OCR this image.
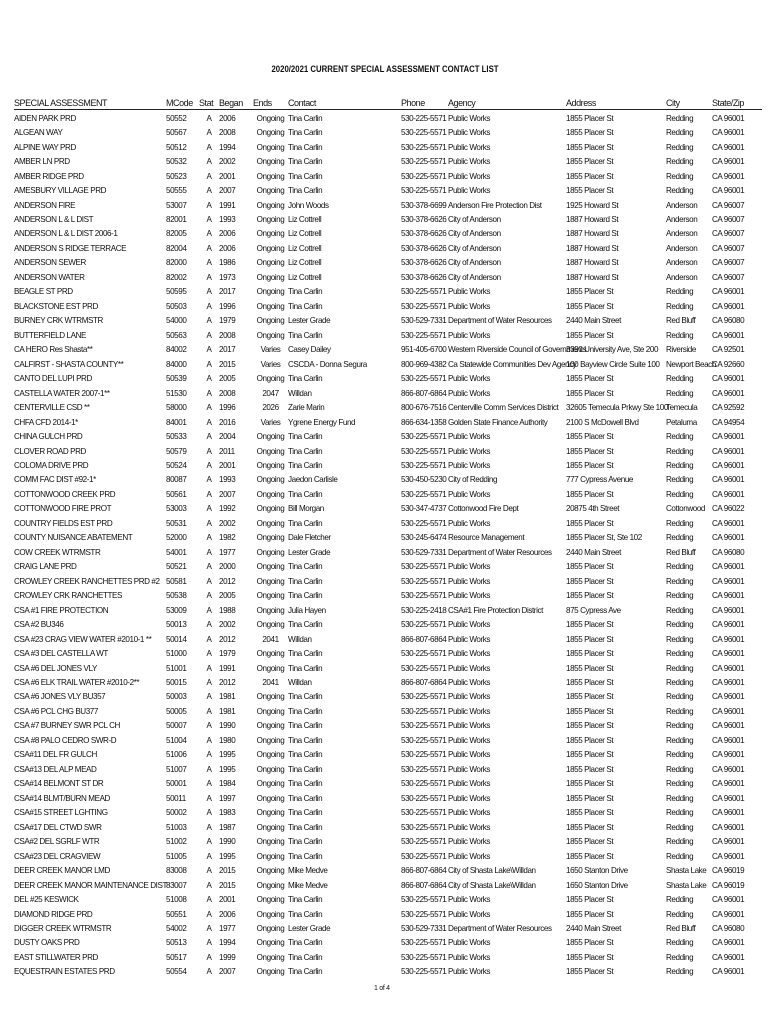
2020/2021 CURRENT SPECIAL ASSESSMENT CONTACT LIST
SPECIAL ASSESSMENT	MCode	Stat	Began	Ends	Contact	Phone	Agency	Address	City	State/Zip
AIDEN PARK PRD	50552	A	2006	Ongoing	Tina Carlin	530-225-5571	Public Works	1855 Placer St	Redding	CA 96001
ALGEAN WAY	50567	A	2008	Ongoing	Tina Carlin	530-225-5571	Public Works	1855 Placer St	Redding	CA 96001
ALPINE WAY PRD	50512	A	1994	Ongoing	Tina Carlin	530-225-5571	Public Works	1855 Placer St	Redding	CA 96001
AMBER LN PRD	50532	A	2002	Ongoing	Tina Carlin	530-225-5571	Public Works	1855 Placer St	Redding	CA 96001
AMBER RIDGE PRD	50523	A	2001	Ongoing	Tina Carlin	530-225-5571	Public Works	1855 Placer St	Redding	CA 96001
AMESBURY VILLAGE PRD	50555	A	2007	Ongoing	Tina Carlin	530-225-5571	Public Works	1855 Placer St	Redding	CA 96001
ANDERSON FIRE	53007	A	1991	Ongoing	John Woods	530-378-6699	Anderson Fire Protection Dist	1925 Howard St	Anderson	CA 96007
ANDERSON L & L DIST	82001	A	1993	Ongoing	Liz Cottrell	530-378-6626	City of Anderson	1887 Howard St	Anderson	CA 96007
ANDERSON L & L DIST 2006-1	82005	A	2006	Ongoing	Liz Cottrell	530-378-6626	City of Anderson	1887 Howard St	Anderson	CA 96007
ANDERSON S RIDGE TERRACE	82004	A	2006	Ongoing	Liz Cottrell	530-378-6626	City of Anderson	1887 Howard St	Anderson	CA 96007
ANDERSON SEWER	82000	A	1986	Ongoing	Liz Cottrell	530-378-6626	City of Anderson	1887 Howard St	Anderson	CA 96007
ANDERSON WATER	82002	A	1973	Ongoing	Liz Cottrell	530-378-6626	City of Anderson	1887 Howard St	Anderson	CA 96007
BEAGLE ST PRD	50595	A	2017	Ongoing	Tina Carlin	530-225-5571	Public Works	1855 Placer St	Redding	CA 96001
BLACKSTONE EST PRD	50503	A	1996	Ongoing	Tina Carlin	530-225-5571	Public Works	1855 Placer St	Redding	CA 96001
BURNEY CRK WTRMSTR	54000	A	1979	Ongoing	Lester Grade	530-529-7331	Department of Water Resources	2440 Main Street	Red Bluff	CA 96080
BUTTERFIELD LANE	50563	A	2008	Ongoing	Tina Carlin	530-225-5571	Public Works	1855 Placer St	Redding	CA 96001
CA HERO Res Shasta**	84002	A	2017	Varies	Casey Dailey	951-405-6700	Western Riverside Council of Governments	3390 University Ave, Ste 200	Riverside	CA 92501
CALFIRST - SHASTA COUNTY**	84000	A	2015	Varies	CSCDA - Donna Segura	800-969-4382	Ca Statewide Communities Dev Agency	100 Bayview Circle Suite 100	Newport Beach	CA 92660
CANTO DEL LUPI PRD	50539	A	2005	Ongoing	Tina Carlin	530-225-5571	Public Works	1855 Placer St	Redding	CA 96001
CASTELLA WATER 2007-1**	51530	A	2008	2047	Willdan	866-807-6864	Public Works	1855 Placer St	Redding	CA 96001
CENTERVILLE CSD **	58000	A	1996	2026	Zarie Marin	800-676-7516	Centerville Comm Services District	32605 Temecula Prkwy Ste 100	Temecula	CA 92592
CHFA CFD 2014-1*	84001	A	2016	Varies	Ygrene Energy Fund	866-634-1358	Golden State Finance Authority	2100 S McDowell Blvd	Petaluma	CA 94954
CHINA GULCH PRD	50533	A	2004	Ongoing	Tina Carlin	530-225-5571	Public Works	1855 Placer St	Redding	CA 96001
CLOVER ROAD PRD	50579	A	2011	Ongoing	Tina Carlin	530-225-5571	Public Works	1855 Placer St	Redding	CA 96001
COLOMA DRIVE PRD	50524	A	2001	Ongoing	Tina Carlin	530-225-5571	Public Works	1855 Placer St	Redding	CA 96001
COMM FAC DIST #92-1*	80087	A	1993	Ongoing	Jaedon Carlisle	530-450-5230	City of Redding	777 Cypress Avenue	Redding	CA 96001
COTTONWOOD CREEK PRD	50561	A	2007	Ongoing	Tina Carlin	530-225-5571	Public Works	1855 Placer St	Redding	CA 96001
COTTONWOOD FIRE PROT	53003	A	1992	Ongoing	Bill Morgan	530-347-4737	Cottonwood Fire Dept	20875 4th Street	Cottonwood	CA 96022
COUNTRY FIELDS EST PRD	50531	A	2002	Ongoing	Tina Carlin	530-225-5571	Public Works	1855 Placer St	Redding	CA 96001
COUNTY NUISANCE ABATEMENT	52000	A	1982	Ongoing	Dale Fletcher	530-245-6474	Resource Management	1855 Placer St, Ste 102	Redding	CA 96001
COW CREEK WTRMSTR	54001	A	1977	Ongoing	Lester Grade	530-529-7331	Department of Water Resources	2440 Main Street	Red Bluff	CA 96080
CRAIG LANE PRD	50521	A	2000	Ongoing	Tina Carlin	530-225-5571	Public Works	1855 Placer St	Redding	CA 96001
CROWLEY CREEK RANCHETTES PRD #2	50581	A	2012	Ongoing	Tina Carlin	530-225-5571	Public Works	1855 Placer St	Redding	CA 96001
CROWLEY CRK RANCHETTES	50538	A	2005	Ongoing	Tina Carlin	530-225-5571	Public Works	1855 Placer St	Redding	CA 96001
CSA #1 FIRE PROTECTION	53009	A	1988	Ongoing	Julia Hayen	530-225-2418	CSA#1 Fire Protection District	875 Cypress Ave	Redding	CA 96001
CSA #2 BU346	50013	A	2002	Ongoing	Tina Carlin	530-225-5571	Public Works	1855 Placer St	Redding	CA 96001
CSA #23 CRAG VIEW WATER #2010-1 **	50014	A	2012	2041	Willdan	866-807-6864	Public Works	1855 Placer St	Redding	CA 96001
CSA #3 DEL CASTELLA WT	51000	A	1979	Ongoing	Tina Carlin	530-225-5571	Public Works	1855 Placer St	Redding	CA 96001
CSA #6 DEL JONES VLY	51001	A	1991	Ongoing	Tina Carlin	530-225-5571	Public Works	1855 Placer St	Redding	CA 96001
CSA #6 ELK TRAIL WATER #2010-2**	50015	A	2012	2041	Willdan	866-807-6864	Public Works	1855 Placer St	Redding	CA 96001
CSA #6 JONES VLY BU357	50003	A	1981	Ongoing	Tina Carlin	530-225-5571	Public Works	1855 Placer St	Redding	CA 96001
CSA #6 PCL CHG BU377	50005	A	1981	Ongoing	Tina Carlin	530-225-5571	Public Works	1855 Placer St	Redding	CA 96001
CSA #7 BURNEY SWR PCL CH	50007	A	1990	Ongoing	Tina Carlin	530-225-5571	Public Works	1855 Placer St	Redding	CA 96001
CSA #8 PALO CEDRO SWR-D	51004	A	1980	Ongoing	Tina Carlin	530-225-5571	Public Works	1855 Placer St	Redding	CA 96001
CSA#11 DEL FR GULCH	51006	A	1995	Ongoing	Tina Carlin	530-225-5571	Public Works	1855 Placer St	Redding	CA 96001
CSA#13 DEL ALP MEAD	51007	A	1995	Ongoing	Tina Carlin	530-225-5571	Public Works	1855 Placer St	Redding	CA 96001
CSA#14 BELMONT ST DR	50001	A	1984	Ongoing	Tina Carlin	530-225-5571	Public Works	1855 Placer St	Redding	CA 96001
CSA#14 BLMT/BURN MEAD	50011	A	1997	Ongoing	Tina Carlin	530-225-5571	Public Works	1855 Placer St	Redding	CA 96001
CSA#15 STREET LGHTING	50002	A	1983	Ongoing	Tina Carlin	530-225-5571	Public Works	1855 Placer St	Redding	CA 96001
CSA#17 DEL CTWD SWR	51003	A	1987	Ongoing	Tina Carlin	530-225-5571	Public Works	1855 Placer St	Redding	CA 96001
CSA#2 DEL SGRLF WTR	51002	A	1990	Ongoing	Tina Carlin	530-225-5571	Public Works	1855 Placer St	Redding	CA 96001
CSA#23 DEL CRAGVIEW	51005	A	1995	Ongoing	Tina Carlin	530-225-5571	Public Works	1855 Placer St	Redding	CA 96001
DEER CREEK MANOR LMD	83008	A	2015	Ongoing	Mike Medve	866-807-6864	City of Shasta Lake\Willdan	1650 Stanton Drive	Shasta Lake	CA 96019
DEER CREEK MANOR MAINTENANCE DIST	83007	A	2015	Ongoing	Mike Medve	866-807-6864	City of Shasta Lake\Willdan	1650 Stanton Drive	Shasta Lake	CA 96019
DEL #25 KESWICK	51008	A	2001	Ongoing	Tina Carlin	530-225-5571	Public Works	1855 Placer St	Redding	CA 96001
DIAMOND RIDGE PRD	50551	A	2006	Ongoing	Tina Carlin	530-225-5571	Public Works	1855 Placer St	Redding	CA 96001
DIGGER CREEK WTRMSTR	54002	A	1977	Ongoing	Lester Grade	530-529-7331	Department of Water Resources	2440 Main Street	Red Bluff	CA 96080
DUSTY OAKS PRD	50513	A	1994	Ongoing	Tina Carlin	530-225-5571	Public Works	1855 Placer St	Redding	CA 96001
EAST STILLWATER PRD	50517	A	1999	Ongoing	Tina Carlin	530-225-5571	Public Works	1855 Placer St	Redding	CA 96001
EQUESTRAIN ESTATES PRD	50554	A	2007	Ongoing	Tina Carlin	530-225-5571	Public Works	1855 Placer St	Redding	CA 96001
1 of 4
